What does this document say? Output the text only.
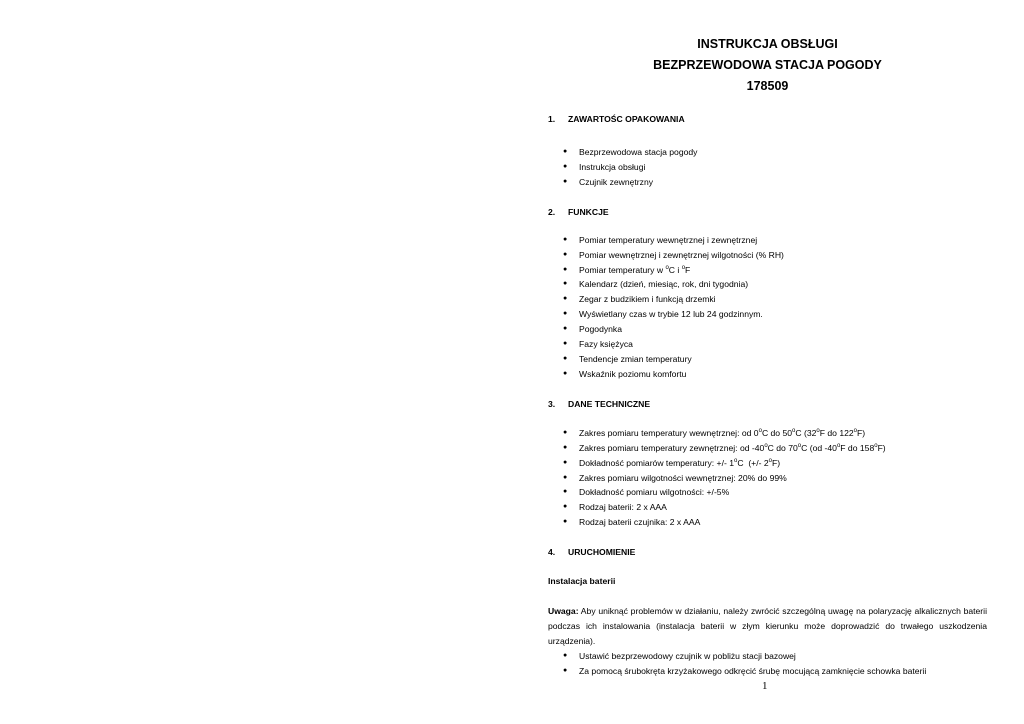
INSTRUKCJA OBSŁUGI

BEZPRZEWODOWA STACJA POGODY

178509

1.	ZAWARTOŚC OPAKOWANIA

● Bezprzewodowa stacja pogody
● Instrukcja obsługi
● Czujnik zewnętrzny

2.	FUNKCJE

● Pomiar temperatury wewnętrznej i zewnętrznej
● Pomiar wewnętrznej i zewnętrznej wilgotności (% RH)
● Pomiar temperatury w $^o$C i $^o$F
● Kalendarz (dzień, miesiąc, rok, dni tygodnia)
● Zegar z budzikiem i funkcją drzemki
● Wyświetlany czas w trybie 12 lub 24 godzinnym.
● Pogodynka
● Fazy księżyca
● Tendencje zmian temperatury
● Wskaźnik poziomu komfortu

3.	DANE TECHNICZNE

● Zakres pomiaru temperatury wewnętrznej: od 0$^o$C do 50$^o$C (32$^o$F do 122$^o$F)
● Zakres pomiaru temperatury zewnętrznej: od -40$^o$C do 70$^o$C (od -40$^o$F do 158$^o$F)
● Dokładność pomiarów temperatury: +/- 1$^o$C  (+/- 2$^o$F)
● Zakres pomiaru wilgotności wewnętrznej: 20% do 99%
● Dokładność pomiaru wilgotności: +/-5%
● Rodzaj baterii: 2 x AAA
● Rodzaj baterii czujnika: 2 x AAA

4.	URUCHOMIENIE

Instalacja baterii

Uwaga: Aby uniknąć problemów w działaniu, należy zwrócić szczególną uwagę na polaryzację alkalicznych baterii podczas ich instalowania (instalacja baterii w złym kierunku może doprowadzić do trwałego uszkodzenia urządzenia).

● Ustawić bezprzewodowy czujnik w pobliżu stacji bazowej
● Za pomocą śrubokręta krzyżakowego odkręcić śrubę mocującą zamknięcie schowka baterii
1
